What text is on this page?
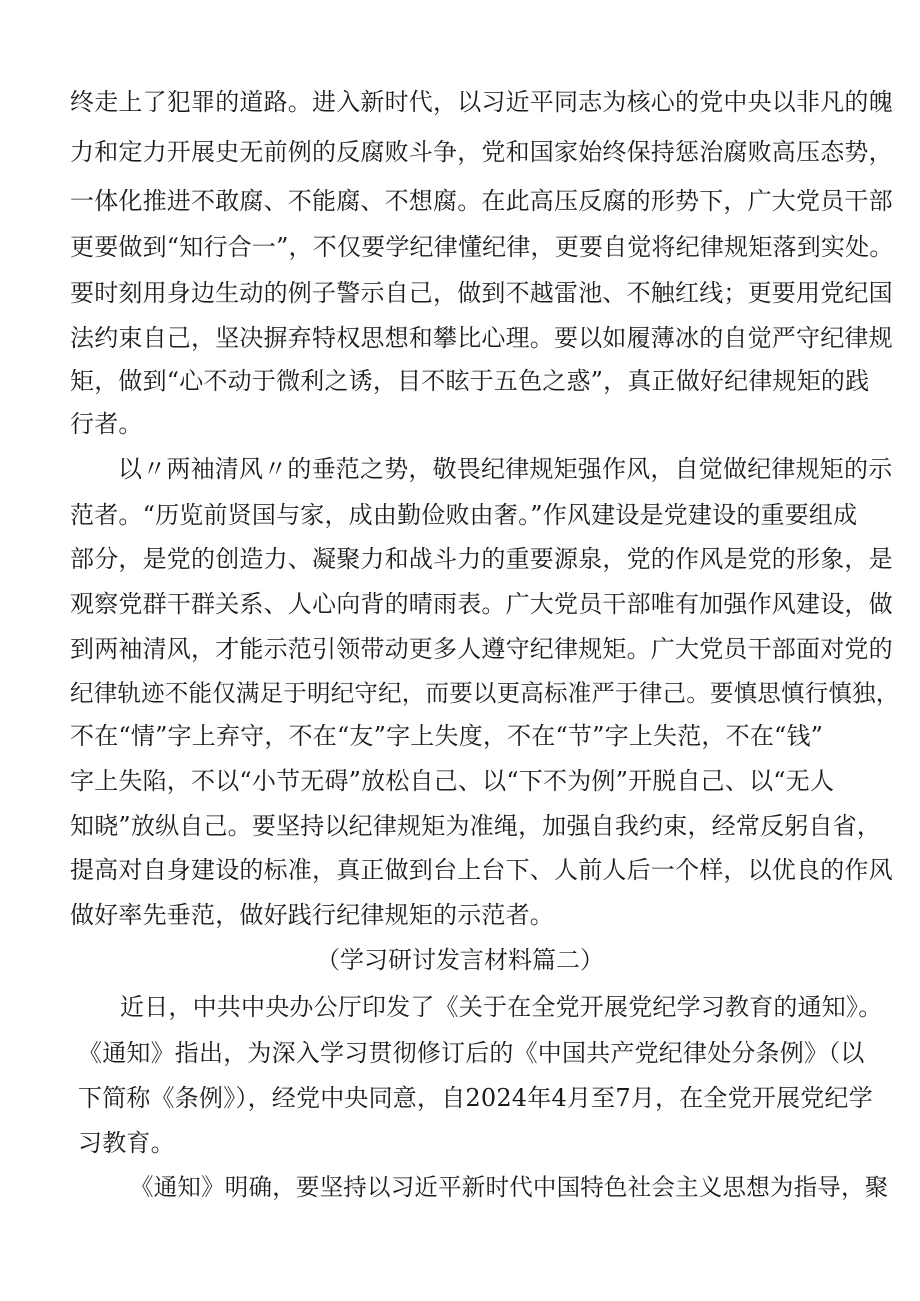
终走上了犯罪的道路。进入新时代，以习近平同志为核心的党中央以非凡的魄
力和定力开展史无前例的反腐败斗争，党和国家始终保持惩治腐败高压态势，
一体化推进不敢腐、不能腐、不想腐。在此高压反腐的形势下，广大党员干部
更要做到“知行合一”，不仅要学纪律懂纪律，更要自觉将纪律规矩落到实处。
要时刻用身边生动的例子警示自己，做到不越雷池、不触红线；更要用党纪国
法约束自己，坚决摒弃特权思想和攀比心理。要以如履薄冰的自觉严守纪律规
矩，做到“心不动于微利之诱，目不眩于五色之惑”，真正做好纪律规矩的践
行者。
以〃两袖清风〃的垂范之势，敬畏纪律规矩强作风，自觉做纪律规矩的示
范者。“历览前贤国与家，成由勤俭败由奢。”作风建设是党建设的重要组成
部分，是党的创造力、凝聚力和战斗力的重要源泉，党的作风是党的形象，是
观察党群干群关系、人心向背的晴雨表。广大党员干部唯有加强作风建设，做
到两袖清风，才能示范引领带动更多人遵守纪律规矩。广大党员干部面对党的
纪律轨迹不能仅满足于明纪守纪，而要以更高标准严于律己。要慎思慎行慎独，
不在“情”字上弃守，不在“友”字上失度，不在“节”字上失范，不在“钱”
字上失陷，不以“小节无碍”放松自己、以“下不为例”开脱自己、以“无人
知晓”放纵自己。要坚持以纪律规矩为准绳，加强自我约束，经常反躬自省，
提高对自身建设的标准，真正做到台上台下、人前人后一个样，以优良的作风
做好率先垂范，做好践行纪律规矩的示范者。
（学习研讨发言材料篇二）
近日，中共中央办公厅印发了《关于在全党开展党纪学习教育的通知》。
《通知》指出，为深入学习贯彻修订后的《中国共产党纪律处分条例》（以
下简称《条例》），经党中央同意，自2024年4月至7月，在全党开展党纪学
习教育。
《通知》明确，要坚持以习近平新时代中国特色社会主义思想为指导，聚
